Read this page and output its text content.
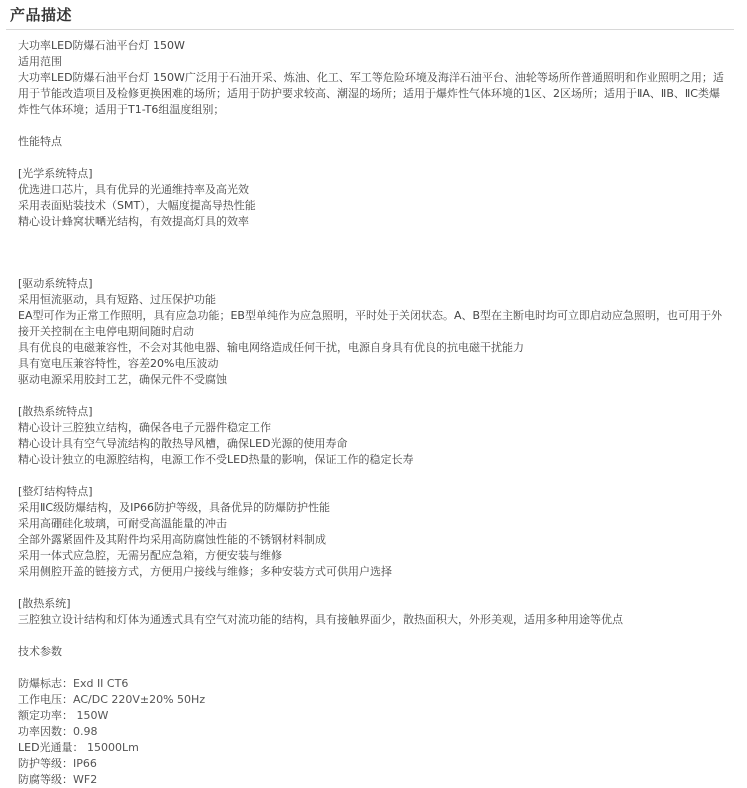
产品描述

大功率LED防爆石油平台灯 150W

适用范围

大功率LED防爆石油平台灯 150W广泛用于石油开采、炼油、化工、军工等危险环境及海洋石油平台、油轮等场所作普通照明和作业照明之用；适用于节能改造项目及检修更换困难的场所；适用于防护要求较高、潮湿的场所；适用于爆炸性气体环境的1区、2区场所；适用于ⅡA、ⅡB、ⅡC类爆炸性气体环境；适用于T1-T6组温度组别；

性能特点

[光学系统特点]

优选进口芯片，具有优异的光通维持率及高光效

采用表面贴装技术（SMT），大幅度提高导热性能

精心设计蜂窝状嗮光结构，有效提高灯具的效率

[驱动系统特点]

采用恒流驱动，具有短路、过压保护功能

EA型可作为正常工作照明，具有应急功能；EB型单纯作为应急照明，平时处于关闭状态。A、B型在主断电时均可立即启动应急照明，也可用于外接开关控制在主电停电期间随时启动

具有优良的电磁兼容性，不会对其他电器、输电网络造成任何干扰，电源自身具有优良的抗电磁干扰能力

具有宽电压兼容特性，容差20%电压波动

驱动电源采用胶封工艺，确保元件不受腐蚀

[散热系统特点]

精心设计三腔独立结构，确保各电子元器件稳定工作

精心设计具有空气导流结构的散热导风槽，确保LED光源的使用寿命

精心设计独立的电源腔结构，电源工作不受LED热量的影响，保证工作的稳定长寿

[整灯结构特点]

采用ⅡC级防爆结构，及IP66防护等级，具备优异的防爆防护性能

采用高硼硅化玻璃，可耐受高温能量的冲击

全部外露紧固件及其附件均采用高防腐蚀性能的不锈钢材料制成

采用一体式应急腔，无需另配应急箱，方便安装与维修

采用侧腔开盖的链接方式，方便用户接线与维修；多种安装方式可供用户选择

[散热系统]

三腔独立设计结构和灯体为通透式具有空气对流功能的结构，具有接触界面少，散热面积大，外形美观，适用多种用途等优点

技术参数

防爆标志：Exd II CT6

工作电压：AC/DC 220V±20% 50Hz

额定功率： 150W

功率因数：0.98

LED光通量： 15000Lm

防护等级：IP66

防腐等级：WF2
